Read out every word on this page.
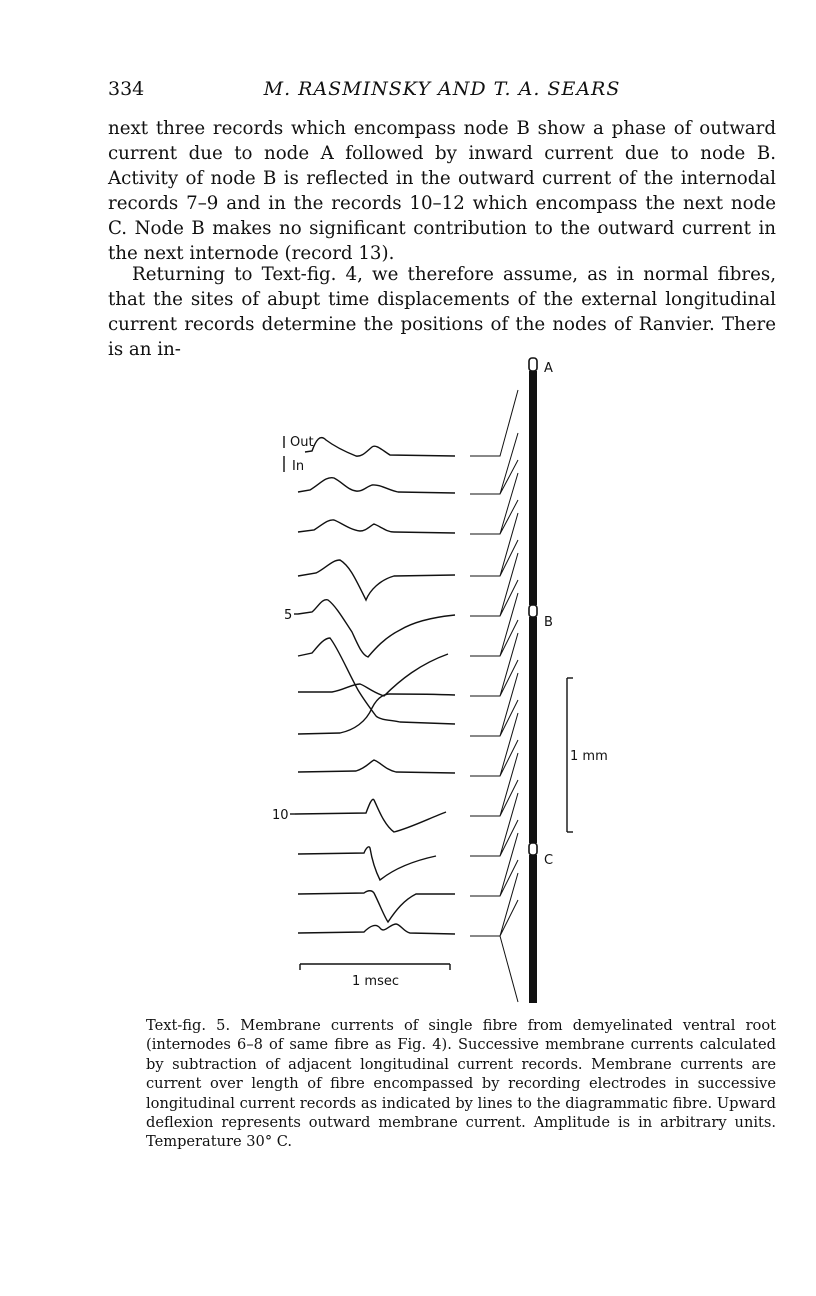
334	M. RASMINSKY AND T. A. SEARS

next three records which encompass node B show a phase of outward current due to node A followed by inward current due to node B. Activity of node B is reflected in the outward current of the internodal records 7–9 and in the records 10–12 which encompass the next node C. Node B makes no significant contribution to the outward current in the next internode (record 13).

Returning to Text-fig. 4, we therefore assume, as in normal fibres, that the sites of abupt time displacements of the external longitudinal current records determine the positions of the nodes of Ranvier. There is an in-

Out
In
5
10
A
B
C
1 mm
1 msec

Text-fig. 5. Membrane currents of single fibre from demyelinated ventral root (internodes 6–8 of same fibre as Fig. 4). Successive membrane currents calculated by subtraction of adjacent longitudinal current records. Membrane currents are current over length of fibre encompassed by recording electrodes in successive longitudinal current records as indicated by lines to the diagrammatic fibre. Upward deflexion represents outward membrane current. Amplitude is in arbitrary units. Temperature 30° C.
